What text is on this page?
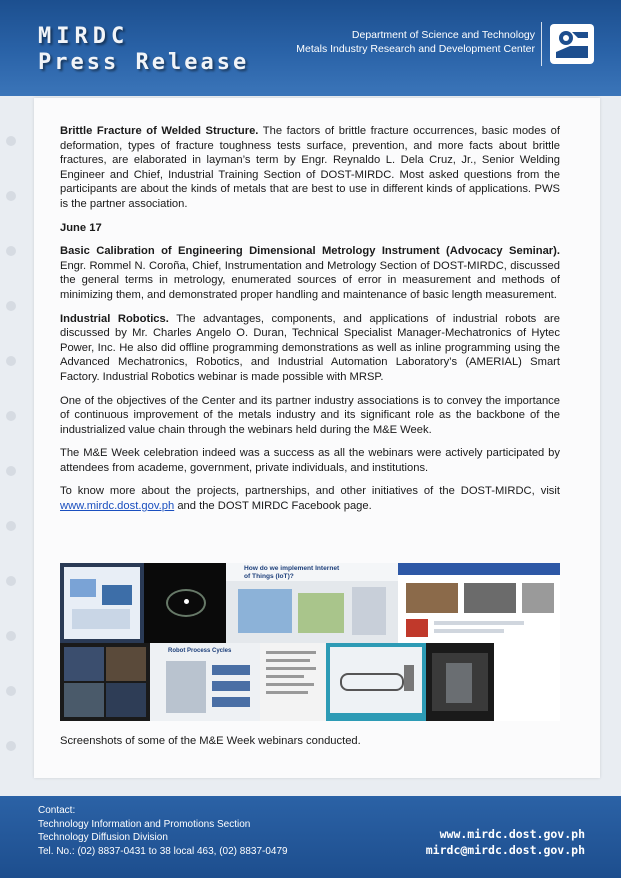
MIRDC
Press Release
Department of Science and Technology
Metals Industry Research and Development Center

Brittle Fracture of Welded Structure. The factors of brittle fracture occurrences, basic modes of deformation, types of fracture toughness tests surface, prevention, and more facts about brittle fractures, are elaborated in layman’s term by Engr. Reynaldo L. Dela Cruz, Jr., Senior Welding Engineer and Chief, Industrial Training Section of DOST-MIRDC. Most asked questions from the participants are about the kinds of metals that are best to use in different kinds of applications. PWS is the partner association.

June 17

Basic Calibration of Engineering Dimensional Metrology Instrument (Advocacy Seminar). Engr. Rommel N. Coroña, Chief, Instrumentation and Metrology Section of DOST-MIRDC, discussed the general terms in metrology, enumerated sources of error in measurement and methods of minimizing them, and demonstrated proper handling and maintenance of basic length measurement.

Industrial Robotics. The advantages, components, and applications of industrial robots are discussed by Mr. Charles Angelo O. Duran, Technical Specialist Manager-Mechatronics of Hytec Power, Inc. He also did offline programming demonstrations as well as inline programming using the Advanced Mechatronics, Robotics, and Industrial Automation Laboratory’s (AMERIAL) Smart Factory. Industrial Robotics webinar is made possible with MRSP.

One of the objectives of the Center and its partner industry associations is to convey the importance of continuous improvement of the metals industry and its significant role as the backbone of the industrialized value chain through the webinars held during the M&E Week.

The M&E Week celebration indeed was a success as all the webinars were actively participated by attendees from academe, government, private individuals, and institutions.

To know more about the projects, partnerships, and other initiatives of the DOST-MIRDC, visit www.mirdc.dost.gov.ph and the DOST MIRDC Facebook page.

How do we implement Internet of Things (IoT)?
Robot Process Cycles
Screenshots of some of the M&E Week webinars conducted.

Contact:
Technology Information and Promotions Section
Technology Diffusion Division
Tel. No.: (02) 8837-0431 to 38 local 463, (02) 8837-0479
www.mirdc.dost.gov.ph
mirdc@mirdc.dost.gov.ph
